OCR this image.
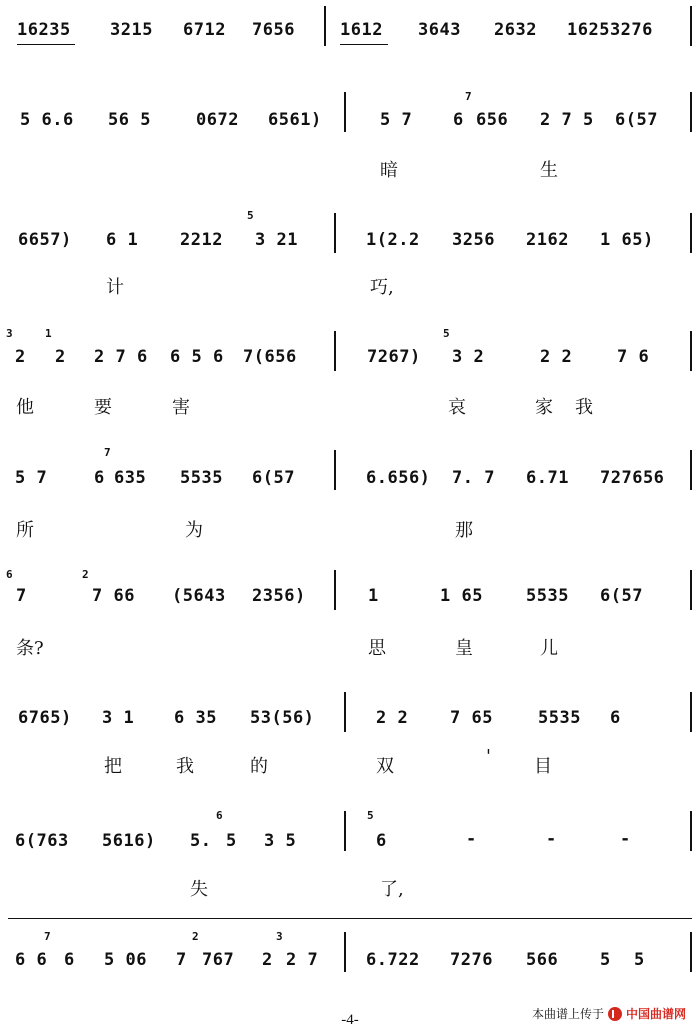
16235 3215 6712 7656	1612 3643 2632 16253276
5 6.6 56 5	0672 6561)	5 7 6
7
656 2 7 5 6(57
暗	生
6657) 6 1 2212
5
3 21	1(2.2 3256 2162 1 65)
计	巧,
3
2
1
2 2 7 6 6 5 6 7(656	7267)
5
3 2	2 2	7 6
他	要	害	哀	家 我
5 7	6
7
635 5535 6(57	6.656) 7. 7 6.71 727656
所	为	那
6
7
2
7 66 (5643 2356)	1	1 65	5535 6(57
条?	思	皇	儿
6765) 3 1 6 35 53(56)	2 2 7 65	5535 6
把	我	的	双	' 目
6(763 5616) 5.
6
5 3 5
5
6	-	-	-
失	了,
6 6
7
6 5 06 7
2
767 2
3
2 7	6.722 7276 566 5 5
-4-	本曲谱上传于 中国曲谱网
